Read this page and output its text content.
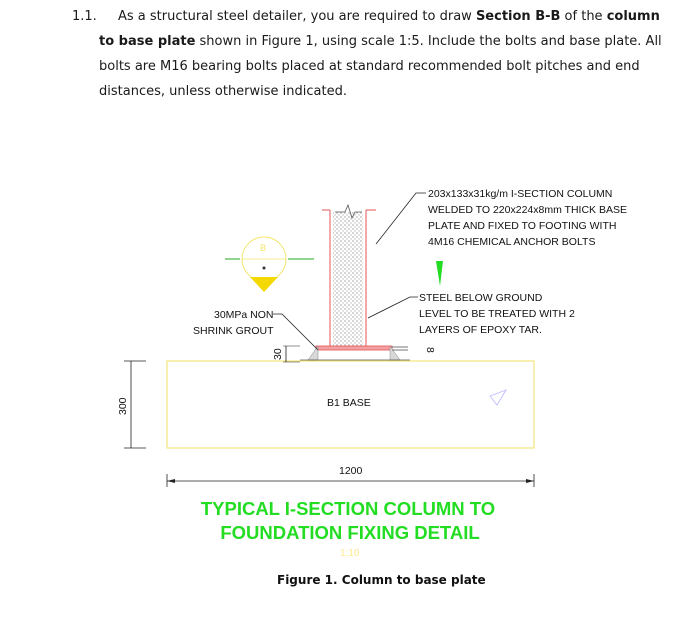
1.1. As a structural steel detailer, you are required to draw Section B-B of the column
to base plate shown in Figure 1, using scale 1:5. Include the bolts and base plate. All
bolts are M16 bearing bolts placed at standard recommended bolt pitches and end
distances, unless otherwise indicated.
B1 BASE
8
B
203x133x31kg/m I-SECTION COLUMN WELDED TO 220x224x8mm THICK BASE PLATE AND FIXED TO FOOTING WITH 4M16 CHEMICAL ANCHOR BOLTS
STEEL BELOW GROUND LEVEL TO BE TREATED WITH 2 LAYERS OF EPOXY TAR.
30MPa NON SHRINK GROUT
30
300
1200
TYPICAL I-SECTION COLUMN TO
FOUNDATION FIXING DETAIL
1:10
Figure 1. Column to base plate
